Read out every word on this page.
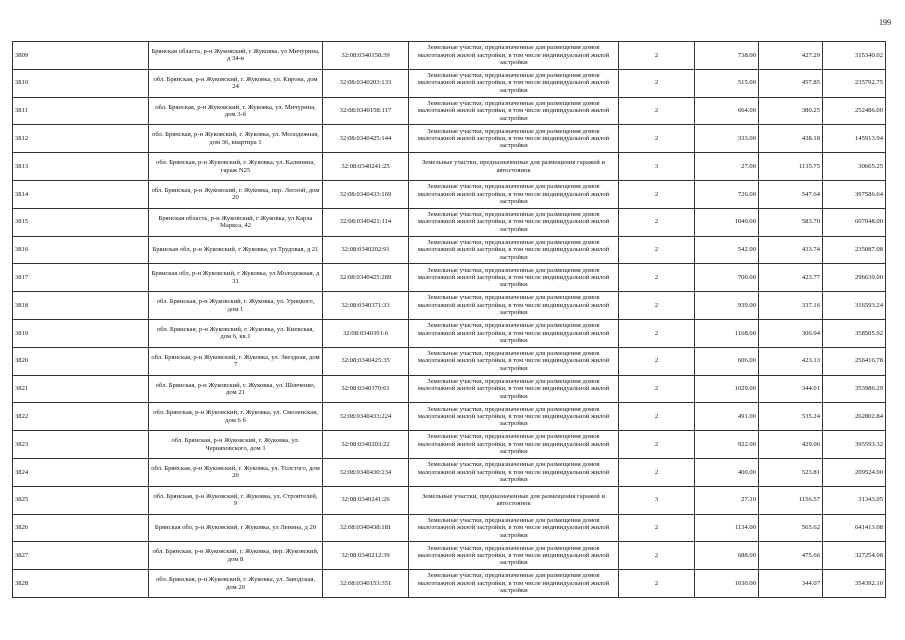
199
3809	Брянская область, р-н Жуковский, г Жуковка, ул Мичурина, д 34-в	32:08:0340158:39	Земельные участки, предназначенные для размещения домов малоэтажной жилой застройки, в том числе индивидуальной жилой застройки	2	738.00	427.29	315340.02
3810	обл. Брянская, р-н Жуковский, г. Жуковка, ул. Кирова, дом 24	32:08:0340203:133	Земельные участки, предназначенные для размещения домов малоэтажной жилой застройки, в том числе индивидуальной жилой застройки	2	515.00	457.85	235792.75
3811	обл. Брянская, р-н Жуковский, г. Жуковка, ул. Мичурина, дом 3-б	32:08:0340158:117	Земельные участки, предназначенные для размещения домов малоэтажной жилой застройки, в том числе индивидуальной жилой застройки	2	664.00	380.25	252486.00
3812	обл. Брянская, р-н Жуковский, г. Жуковка, ул. Молодежная, дом 36, квартира 1	32:08:0340425:144	Земельные участки, предназначенные для размещения домов малоэтажной жилой застройки, в том числе индивидуальной жилой застройки	2	333.00	438.18	145913.94
3813	обл. Брянская, р-н Жуковский, г. Жуковка, ул. Калинина, гараж N25	32:08:0340241:25	Земельные участки, предназначенные для размещения гаражей и автостоянок	3	27.00	1135.75	30665.25
3814	обл. Брянская, р-н Жуковский, г. Жуковка, пер. Лесной, дом 20	32:08:0340433:169	Земельные участки, предназначенные для размещения домов малоэтажной жилой застройки, в том числе индивидуальной жилой застройки	2	726.00	547.64	397586.64
3815	Брянская область, р-н Жуковский, г Жуковка, ул Карла Маркса, 42	32:08:0340421:114	Земельные участки, предназначенные для размещения домов малоэтажной жилой застройки, в том числе индивидуальной жилой застройки	2	1040.00	583.70	607048.00
3816	Брянская обл, р-н Жуковский, г Жуковка, ул Трудовая, д 21	32:08:0340202:91	Земельные участки, предназначенные для размещения домов малоэтажной жилой застройки, в том числе индивидуальной жилой застройки	2	542.00	433.74	235087.08
3817	Брянская обл, р-н Жуковский, г Жуковка, ул Молодежная, д 31	32:08:0340425:289	Земельные участки, предназначенные для размещения домов малоэтажной жилой застройки, в том числе индивидуальной жилой застройки	2	700.00	423.77	296639.00
3818	обл. Брянская, р-н Жуковский, г. Жуковка, ул. Урицкого, дом 1	32:08:0340371:33	Земельные участки, предназначенные для размещения домов малоэтажной жилой застройки, в том числе индивидуальной жилой застройки	2	939.00	337.16	316593.24
3819	обл. Брянская, р-н Жуковский, г. Жуковка, ул. Киевская, дом 6, кв.1	32:08:0340391:6	Земельные участки, предназначенные для размещения домов малоэтажной жилой застройки, в том числе индивидуальной жилой застройки	2	1168.00	306.94	358505.92
3820	обл. Брянская, р-н Жуковский, г. Жуковка, ул. Звездная, дом 7	32:08:0340425:35	Земельные участки, предназначенные для размещения домов малоэтажной жилой застройки, в том числе индивидуальной жилой застройки	2	606.00	423.13	256416.78
3821	обл. Брянская, р-н Жуковский, г. Жуковка, ул. Шевченко, дом 21	32:08:0340370:61	Земельные участки, предназначенные для размещения домов малоэтажной жилой застройки, в том числе индивидуальной жилой застройки	2	1029.00	344.01	353986.29
3822	обл. Брянская, р-н Жуковский, г. Жуковка, ул. Смоленская, дом 6 б	32:08:0340433:224	Земельные участки, предназначенные для размещения домов малоэтажной жилой застройки, в том числе индивидуальной жилой застройки	2	491.00	535.24	262802.84
3823	обл. Брянская, р-н Жуковский, г. Жуковка, ул. Черняховского, дом 1	32:08:0340203:22	Земельные участки, предназначенные для размещения домов малоэтажной жилой застройки, в том числе индивидуальной жилой застройки	2	922.00	429.06	395593.32
3824	обл. Брянская, р-н Жуковский, г. Жуковка, ул. Толстого, дом 20	32:08:0340430:234	Земельные участки, предназначенные для размещения домов малоэтажной жилой застройки, в том числе индивидуальной жилой застройки	2	400.00	523.81	209524.00
3825	обл. Брянская, р-н Жуковский, г. Жуковка, ул. Строителей, 9	32:08:0340241:26	Земельные участки, предназначенные для размещения гаражей и автостоянок	3	27.10	1156.57	31343.05
3826	Брянская обл, р-н Жуковский, г Жуковка, ул Ленина, д 20	32:08:0340438:181	Земельные участки, предназначенные для размещения домов малоэтажной жилой застройки, в том числе индивидуальной жилой застройки	2	1134.00	565.62	641413.08
3827	обл. Брянская, р-н Жуковский, г. Жуковка, пер. Жуковский, дом 8	32:08:0340212:39	Земельные участки, предназначенные для размещения домов малоэтажной жилой застройки, в том числе индивидуальной жилой застройки	2	688.00	475.66	327254.08
3828	обл. Брянская, р-н Жуковский, г. Жуковка, ул. Заводская, дом 20	32:08:0340153:351	Земельные участки, предназначенные для размещения домов малоэтажной жилой застройки, в том числе индивидуальной жилой застройки	2	1030.00	344.07	354392.10
